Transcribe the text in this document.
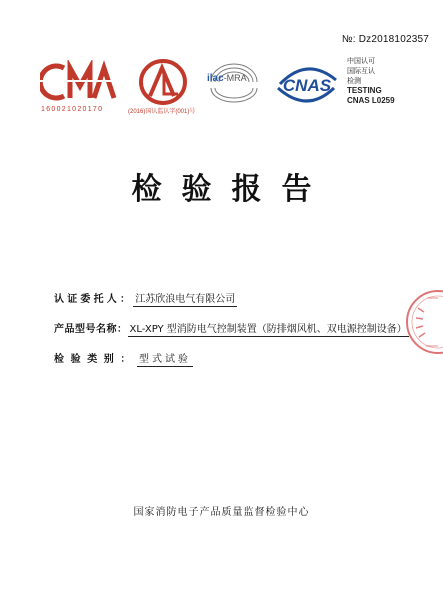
№: Dz2018102357
160021020170	(2016)国认监认字(001)号
ilac-MRA CNAS
中国认可
国际互认
检测
TESTING
CNAS L0259
检验报告
认证委托人： 江苏欣浪电气有限公司
产品型号名称： XL-XPY 型消防电气控制装置（防排烟风机、双电源控制设备）
检验类别： 型式试验
国家消防电子产品质量监督检验中心
